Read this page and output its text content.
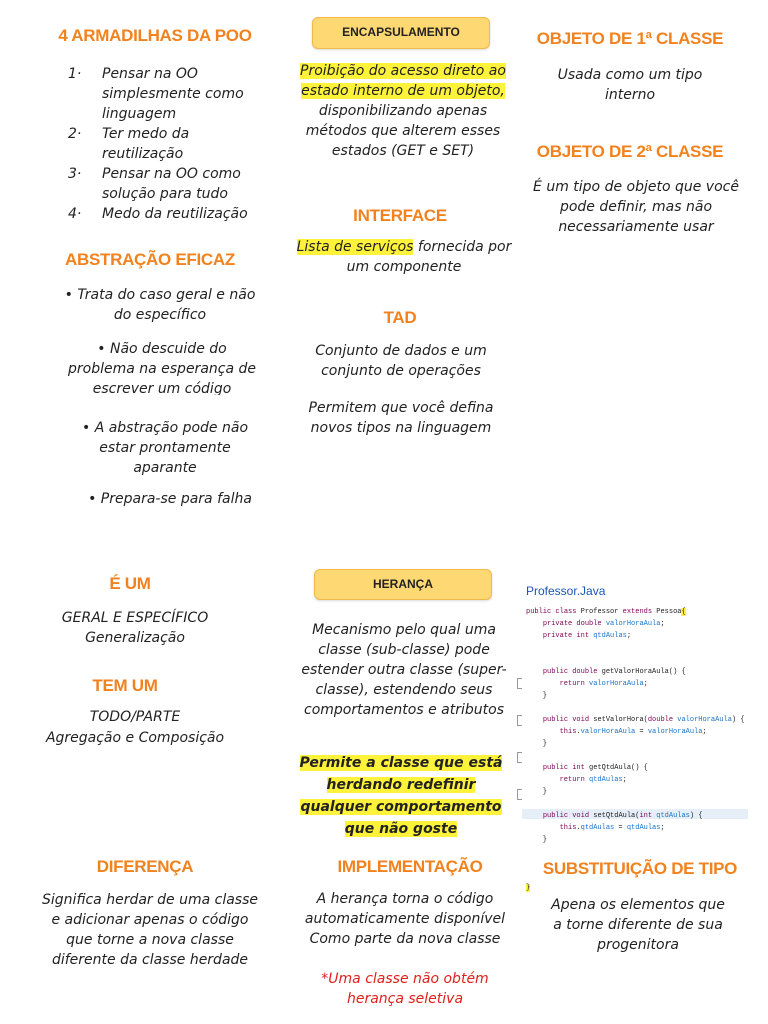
4 ARMADILHAS DA POO
1·	Pensar na OO simplesmente como linguagem
2·	Ter medo da reutilização
3·	Pensar na OO como solução para tudo
4·	Medo da reutilização
ABSTRAÇÃO EFICAZ
• Trata do caso geral e não do específico
• Não descuide do problema na esperança de escrever um código
• A abstração pode não estar prontamente aparante
• Prepara-se para falha
ENCAPSULAMENTO
Proibição do acesso direto ao estado interno de um objeto, disponibilizando apenas métodos que alterem esses estados (GET e SET)
INTERFACE
Lista de serviços fornecida por um componente
TAD
Conjunto de dados e um conjunto de operações
Permitem que você defina novos tipos na linguagem
OBJETO DE 1ª CLASSE
Usada como um tipo interno
OBJETO DE 2ª CLASSE
É um tipo de objeto que você pode definir, mas não necessariamente usar
É UM
GERAL E ESPECÍFICO
Generalização
TEM UM
TODO/PARTE
Agregação e Composição
HERANÇA
Mecanismo pelo qual uma classe (sub-classe) pode estender outra classe (super-classe), estendendo seus comportamentos e atributos
Permite a classe que está herdando redefinir qualquer comportamento que não goste
Professor.Java
public class Professor extends Pessoa{
private double valorHoraAula;
private int qtdAulas;

public double getValorHoraAula() {
return valorHoraAula;
}

public void setValorHora(double valorHoraAula) {
this.valorHoraAula = valorHoraAula;
}

public int getQtdAula() {
return qtdAulas;
}

public void setQtdAula(int qtdAulas) {
this.qtdAulas = qtdAulas;
}

}
DIFERENÇA
Significa herdar de uma classe e adicionar apenas o código que torne a nova classe diferente da classe herdade
IMPLEMENTAÇÃO
A herança torna o código automaticamente disponível Como parte da nova classe
*Uma classe não obtém herança seletiva
SUBSTITUIÇÃO DE TIPO
Apena os elementos que a torne diferente de sua progenitora
